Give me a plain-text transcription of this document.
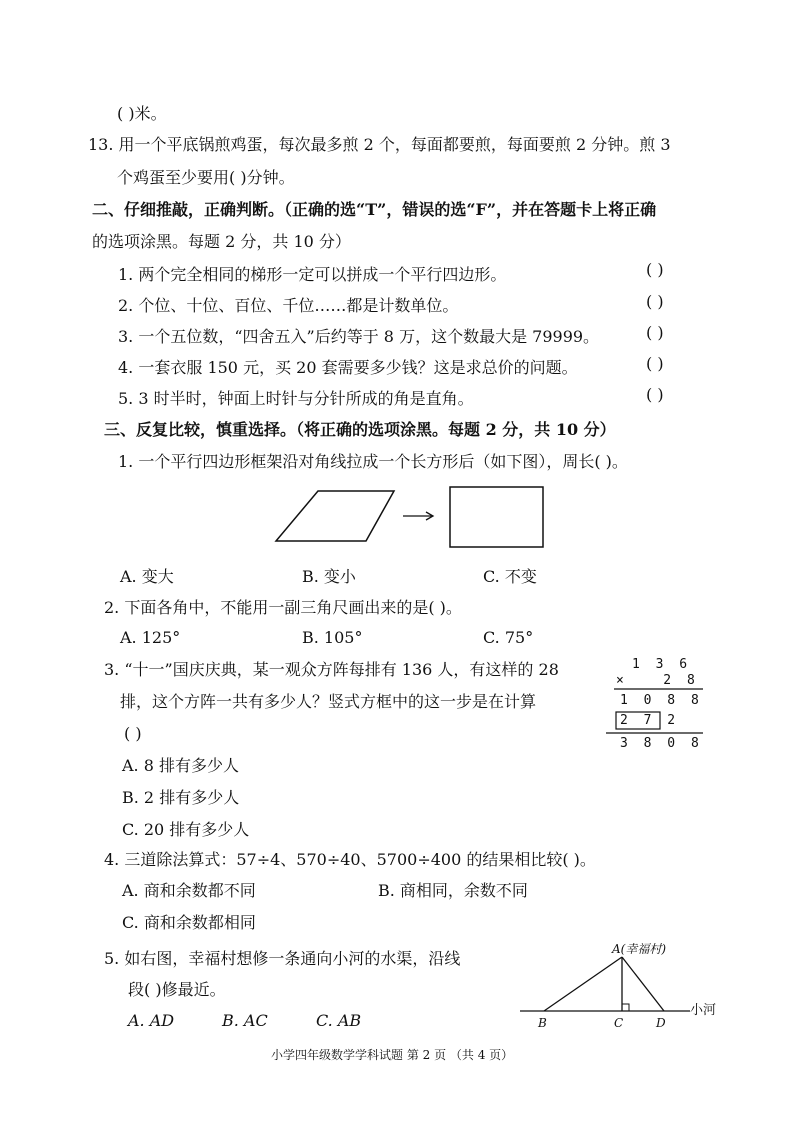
( )米。
13. 用一个平底锅煎鸡蛋，每次最多煎 2 个，每面都要煎，每面要煎 2 分钟。煎 3
个鸡蛋至少要用( )分钟。
二、仔细推敲，正确判断。（正确的选“T”，错误的选“F”，并在答题卡上将正确
的选项涂黑。每题 2 分，共 10 分）
1. 两个完全相同的梯形一定可以拼成一个平行四边形。	( )
2. 个位、十位、百位、千位……都是计数单位。	( )
3. 一个五位数，“四舍五入”后约等于 8 万，这个数最大是 79999。	( )
4. 一套衣服 150 元，买 20 套需要多少钱？这是求总价的问题。	( )
5. 3 时半时，钟面上时针与分针所成的角是直角。	( )
三、反复比较，慎重选择。（将正确的选项涂黑。每题 2 分，共 10 分）
1. 一个平行四边形框架沿对角线拉成一个长方形后（如下图），周长( )。
A. 变大	B. 变小	C. 不变
2. 下面各角中，不能用一副三角尺画出来的是( )。
A. 125°	B. 105°	C. 75°
3. “十一”国庆庆典，某一观众方阵每排有 136 人，有这样的 28
排，这个方阵一共有多少人？竖式方框中的这一步是在计算
( )
A. 8 排有多少人
B. 2 排有多少人
C. 20 排有多少人
4. 三道除法算式：57÷4、570÷40、5700÷400 的结果相比较( )。
A. 商和余数都不同	B. 商相同，余数不同
C. 商和余数都相同
5. 如右图，幸福村想修一条通向小河的水渠，沿线
段( )修最近。
A. AD	B. AC	C. AB
1 3 6
×   2 8
1 0 8 8
2 7 2
3 8 0 8
A(幸福村)
B	C	D
小河
小学四年级数学学科试题 第 2 页 （共 4 页）
